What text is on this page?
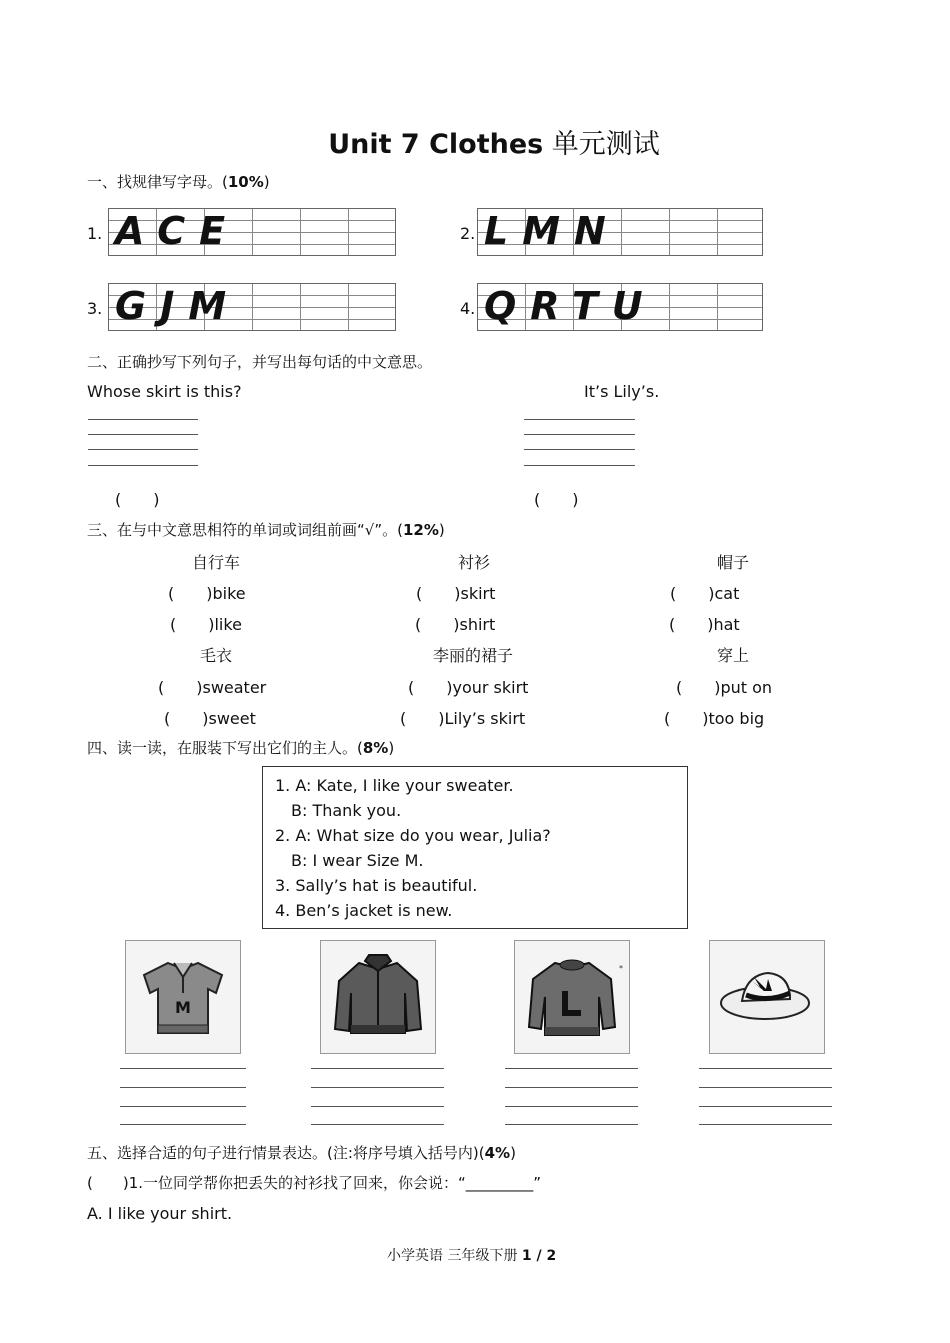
Unit 7 Clothes 单元测试
一、找规律写字母。(10%)
1. ACE	2. LMN
3. GJM	4. QRTU
二、正确抄写下列句子，并写出每句话的中文意思。
Whose skirt is this?	It’s Lily’s.
(　　)	(　　)
三、在与中文意思相符的单词或词组前画“√”。(12%)
自行车	衬衫	帽子
(　　)bike	(　　)skirt	(　　)cat
(　　)like	(　　)shirt	(　　)hat
毛衣	李丽的裙子	穿上
(　　)sweater	(　　)your skirt	(　　)put on
(　　)sweet	(　　)Lily’s skirt	(　　)too big
四、读一读，在服装下写出它们的主人。(8%)
1. A: Kate, I like your sweater.
B: Thank you.
2. A: What size do you wear, Julia?
B: I wear Size M.
3. Sally’s hat is beautiful.
4. Ben’s jacket is new.
M
*
五、选择合适的句子进行情景表达。(注:将序号填入括号内)(4%)
(　　)1.一位同学帮你把丢失的衬衫找了回来，你会说：“_________”
A. I like your shirt.
小学英语 三年级下册 1 / 2
